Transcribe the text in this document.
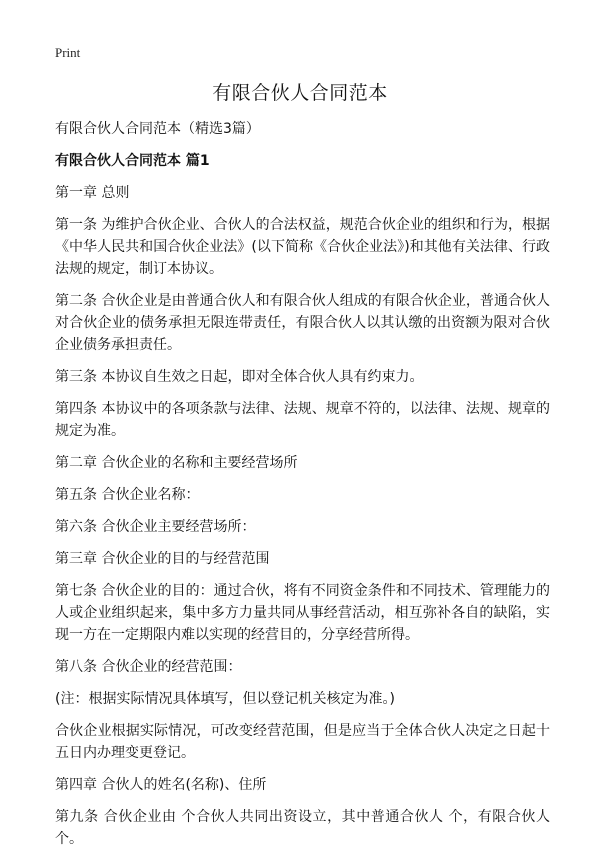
Print
有限合伙人合同范本

有限合伙人合同范本（精选3篇）

有限合伙人合同范本 篇1

第一章 总则

第一条 为维护合伙企业、合伙人的合法权益，规范合伙企业的组织和行为，根据《中华人民共和国合伙企业法》(以下简称《合伙企业法》)和其他有关法律、行政法规的规定，制订本协议。

第二条 合伙企业是由普通合伙人和有限合伙人组成的有限合伙企业，普通合伙人对合伙企业的债务承担无限连带责任，有限合伙人以其认缴的出资额为限对合伙企业债务承担责任。

第三条 本协议自生效之日起，即对全体合伙人具有约束力。

第四条 本协议中的各项条款与法律、法规、规章不符的，以法律、法规、规章的规定为准。

第二章 合伙企业的名称和主要经营场所

第五条 合伙企业名称：

第六条 合伙企业主要经营场所：

第三章 合伙企业的目的与经营范围

第七条 合伙企业的目的：通过合伙，将有不同资金条件和不同技术、管理能力的人或企业组织起来，集中多方力量共同从事经营活动，相互弥补各自的缺陷，实现一方在一定期限内难以实现的经营目的，分享经营所得。

第八条 合伙企业的经营范围：

(注：根据实际情况具体填写，但以登记机关核定为准。)

合伙企业根据实际情况，可改变经营范围，但是应当于全体合伙人决定之日起十五日内办理变更登记。

第四章 合伙人的姓名(名称)、住所

第九条 合伙企业由 个合伙人共同出资设立，其中普通合伙人 个，有限合伙人 个。
